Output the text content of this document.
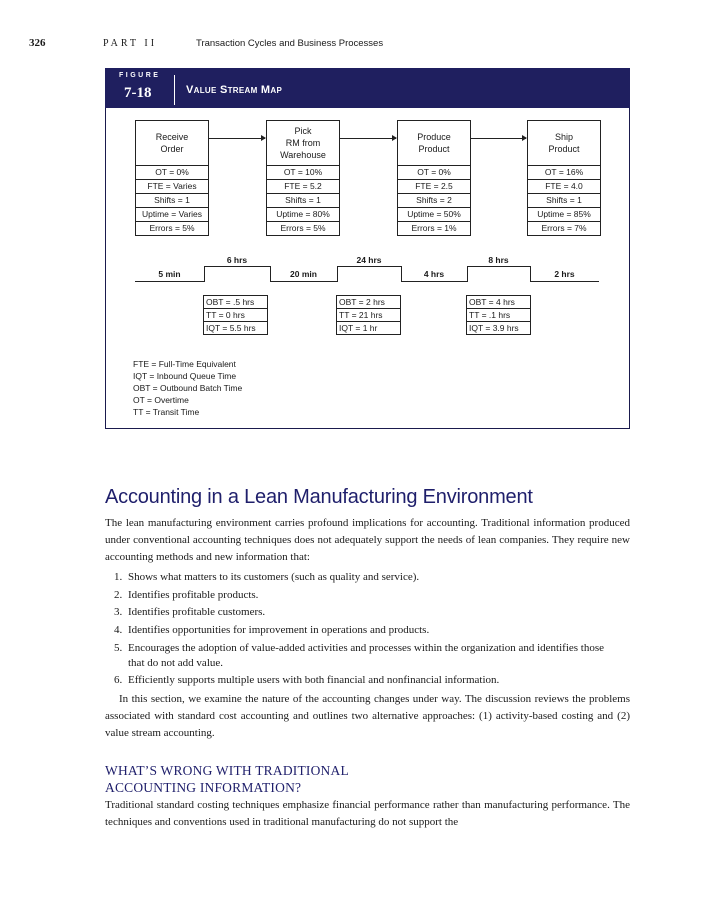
326	PART II	Transaction Cycles and Business Processes
FIGURE
7-18	Value Stream Map
Receive
Order
OT = 0%
FTE = Varies
Shifts = 1
Uptime = Varies
Errors = 5%
Pick
RM from
Warehouse
OT = 10%
FTE = 5.2
Shifts = 1
Uptime = 80%
Errors = 5%
Produce
Product
OT = 0%
FTE = 2.5
Shifts = 2
Uptime = 50%
Errors = 1%
Ship
Product
OT = 16%
FTE = 4.0
Shifts = 1
Uptime = 85%
Errors = 7%
6 hrs	24 hrs	8 hrs
5 min	20 min	4 hrs	2 hrs
OBT = .5 hrs
TT = 0 hrs
IQT = 5.5 hrs
OBT = 2 hrs
TT = 21 hrs
IQT = 1 hr
OBT = 4 hrs
TT = .1 hrs
IQT = 3.9 hrs
FTE = Full-Time Equivalent
IQT = Inbound Queue Time
OBT = Outbound Batch Time
OT = Overtime
TT = Transit Time
Accounting in a Lean Manufacturing Environment
The lean manufacturing environment carries profound implications for accounting. Traditional information produced under conventional accounting techniques does not adequately support the needs of lean companies. They require new accounting methods and new information that:
1. Shows what matters to its customers (such as quality and service).
2. Identifies profitable products.
3. Identifies profitable customers.
4. Identifies opportunities for improvement in operations and products.
5. Encourages the adoption of value-added activities and processes within the organization and identifies those that do not add value.
6. Efficiently supports multiple users with both financial and nonfinancial information.
In this section, we examine the nature of the accounting changes under way. The discussion reviews the problems associated with standard cost accounting and outlines two alternative approaches: (1) activity-based costing and (2) value stream accounting.
WHAT’S WRONG WITH TRADITIONAL
ACCOUNTING INFORMATION?
Traditional standard costing techniques emphasize financial performance rather than manufacturing performance. The techniques and conventions used in traditional manufacturing do not support the
